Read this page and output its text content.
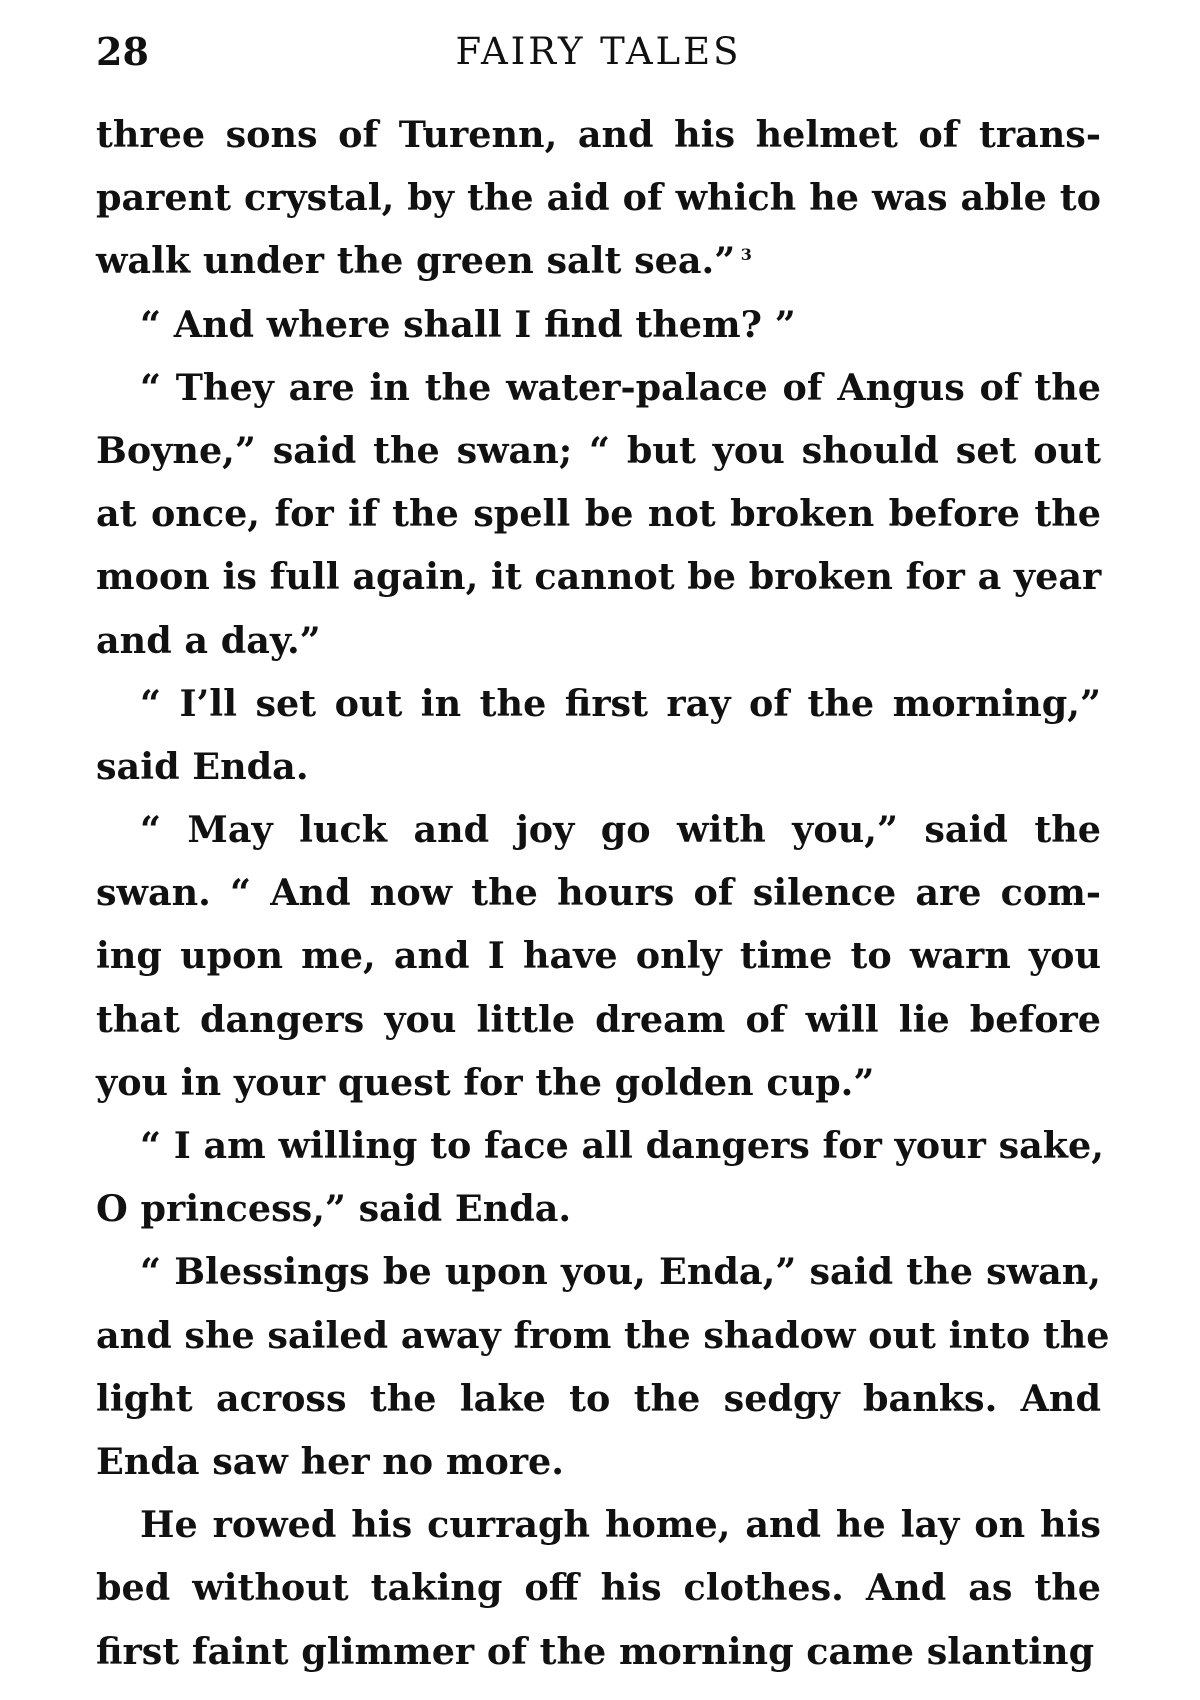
28	FAIRY TALES
three sons of Turenn, and his helmet of trans-
parent crystal, by the aid of which he was able to
walk under the green salt sea.” $^3$
“ And where shall I find them? ”
“ They are in the water-palace of Angus of the
Boyne,” said the swan; “ but you should set out
at once, for if the spell be not broken before the
moon is full again, it cannot be broken for a year
and a day.”
“ I’ll set out in the first ray of the morning,”
said Enda.
“ May luck and joy go with you,” said the
swan. “ And now the hours of silence are com-
ing upon me, and I have only time to warn you
that dangers you little dream of will lie before
you in your quest for the golden cup.”
“ I am willing to face all dangers for your sake,
O princess,” said Enda.
“ Blessings be upon you, Enda,” said the swan,
and she sailed away from the shadow out into the
light across the lake to the sedgy banks. And
Enda saw her no more.
He rowed his curragh home, and he lay on his
bed without taking off his clothes. And as the
first faint glimmer of the morning came slanting
